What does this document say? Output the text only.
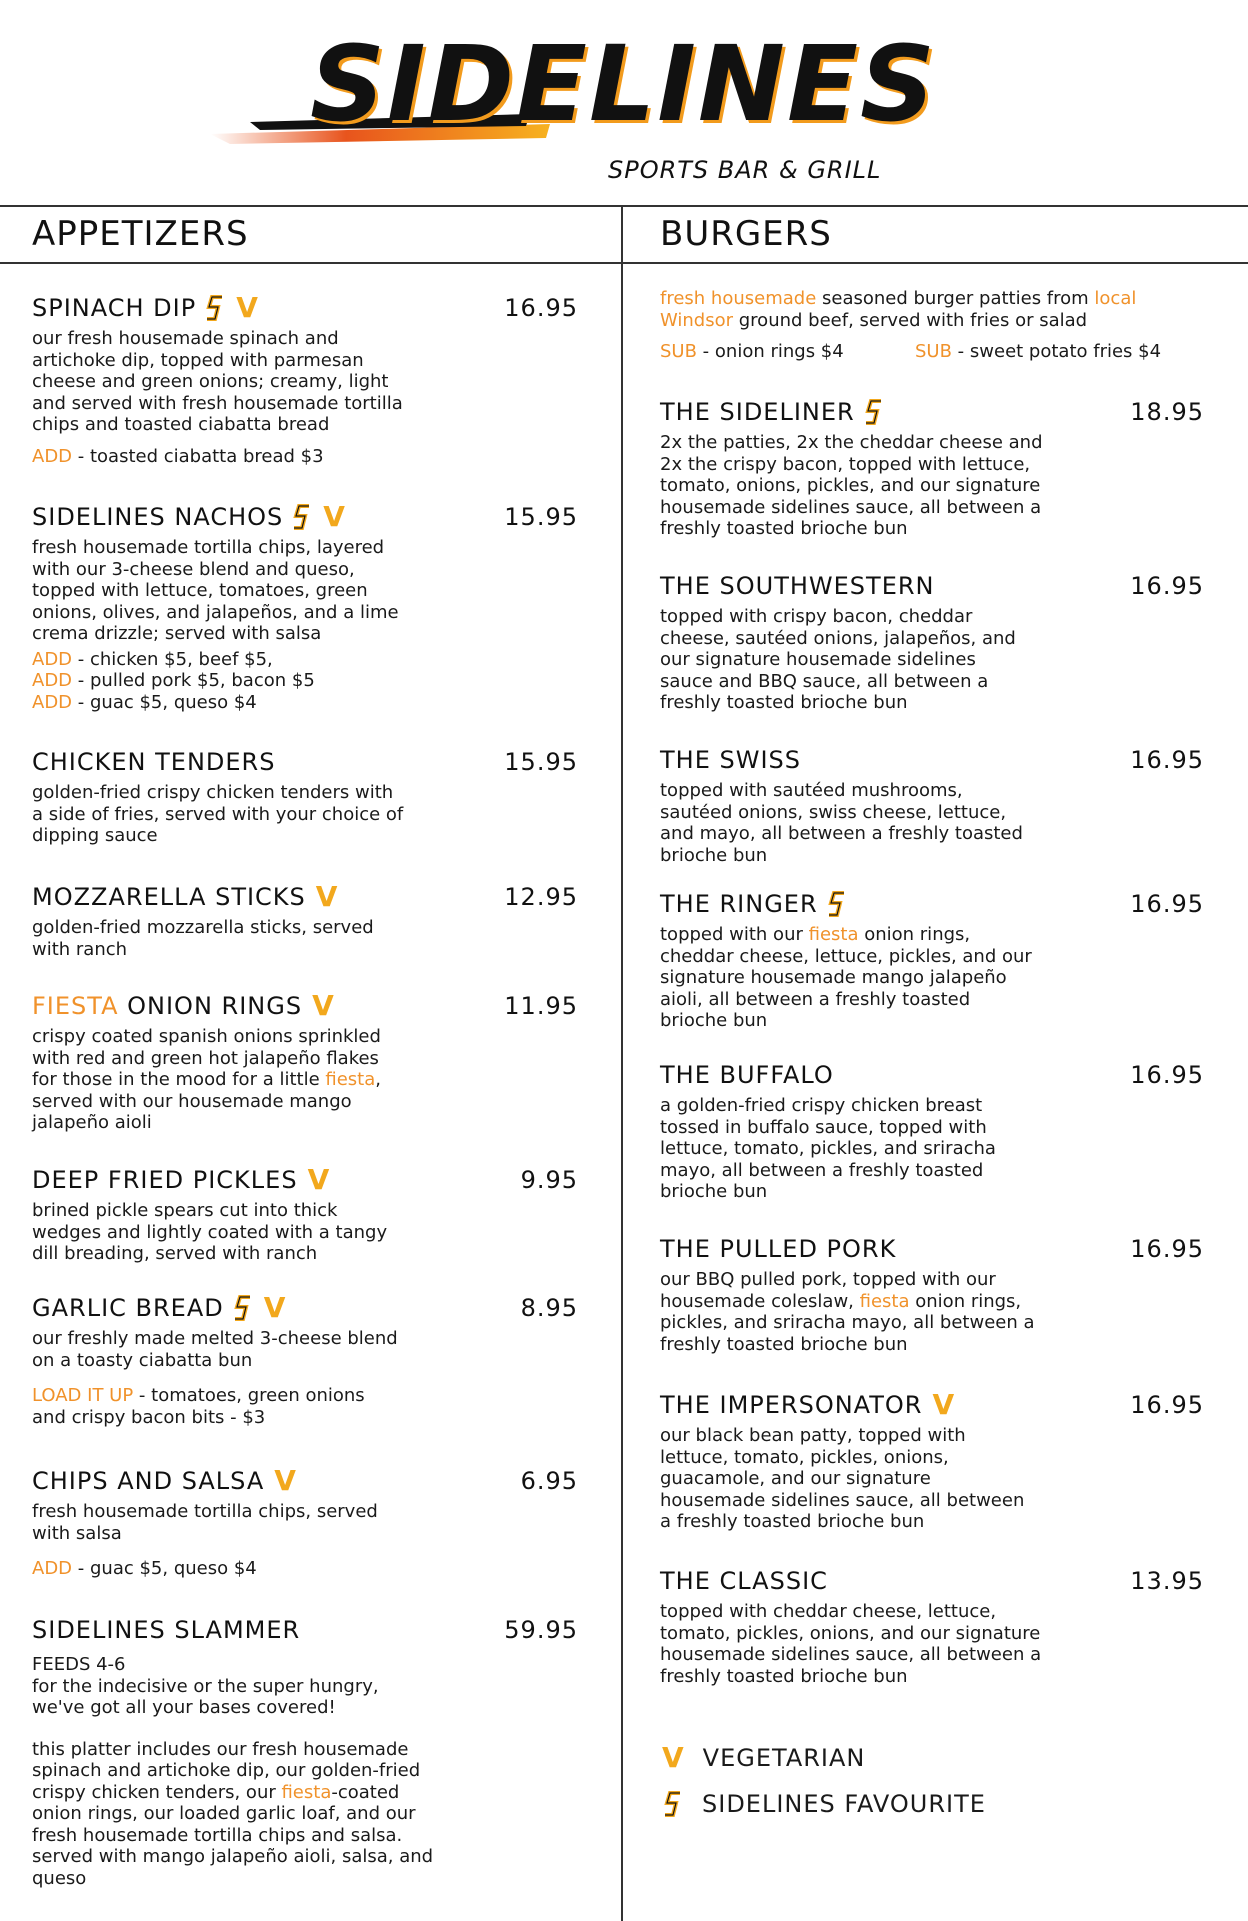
SIDELINES
SPORTS BAR & GRILL
APPETIZERS	BURGERS
SPINACH DIP V	16.95
our fresh housemade spinach and
artichoke dip, topped with parmesan
cheese and green onions; creamy, light
and served with fresh housemade tortilla
chips and toasted ciabatta bread
ADD - toasted ciabatta bread $3
SIDELINES NACHOS V	15.95
fresh housemade tortilla chips, layered
with our 3-cheese blend and queso,
topped with lettuce, tomatoes, green
onions, olives, and jalapeños, and a lime
crema drizzle; served with salsa
ADD - chicken $5, beef $5,
ADD - pulled pork $5, bacon $5
ADD - guac $5, queso $4
CHICKEN TENDERS	15.95
golden-fried crispy chicken tenders with
a side of fries, served with your choice of
dipping sauce
MOZZARELLA STICKS V	12.95
golden-fried mozzarella sticks, served
with ranch
FIESTA ONION RINGS V	11.95
crispy coated spanish onions sprinkled
with red and green hot jalapeño flakes
for those in the mood for a little fiesta,
served with our housemade mango
jalapeño aioli
DEEP FRIED PICKLES V	9.95
brined pickle spears cut into thick
wedges and lightly coated with a tangy
dill breading, served with ranch
GARLIC BREAD V	8.95
our freshly made melted 3-cheese blend
on a toasty ciabatta bun
LOAD IT UP - tomatoes, green onions
and crispy bacon bits - $3
CHIPS AND SALSA V	6.95
fresh housemade tortilla chips, served
with salsa
ADD - guac $5, queso $4
SIDELINES SLAMMER	59.95
FEEDS 4-6
for the indecisive or the super hungry,
we've got all your bases covered!
this platter includes our fresh housemade
spinach and artichoke dip, our golden-fried
crispy chicken tenders, our fiesta-coated
onion rings, our loaded garlic loaf, and our
fresh housemade tortilla chips and salsa.
served with mango jalapeño aioli, salsa, and
queso
fresh housemade seasoned burger patties from local
Windsor ground beef, served with fries or salad
SUB - onion rings $4	SUB - sweet potato fries $4
THE SIDELINER	18.95
2x the patties, 2x the cheddar cheese and
2x the crispy bacon, topped with lettuce,
tomato, onions, pickles, and our signature
housemade sidelines sauce, all between a
freshly toasted brioche bun
THE SOUTHWESTERN	16.95
topped with crispy bacon, cheddar
cheese, sautéed onions, jalapeños, and
our signature housemade sidelines
sauce and BBQ sauce, all between a
freshly toasted brioche bun
THE SWISS	16.95
topped with sautéed mushrooms,
sautéed onions, swiss cheese, lettuce,
and mayo, all between a freshly toasted
brioche bun
THE RINGER	16.95
topped with our fiesta onion rings,
cheddar cheese, lettuce, pickles, and our
signature housemade mango jalapeño
aioli, all between a freshly toasted
brioche bun
THE BUFFALO	16.95
a golden-fried crispy chicken breast
tossed in buffalo sauce, topped with
lettuce, tomato, pickles, and sriracha
mayo, all between a freshly toasted
brioche bun
THE PULLED PORK	16.95
our BBQ pulled pork, topped with our
housemade coleslaw, fiesta onion rings,
pickles, and sriracha mayo, all between a
freshly toasted brioche bun
THE IMPERSONATOR V	16.95
our black bean patty, topped with
lettuce, tomato, pickles, onions,
guacamole, and our signature
housemade sidelines sauce, all between
a freshly toasted brioche bun
THE CLASSIC	13.95
topped with cheddar cheese, lettuce,
tomato, pickles, onions, and our signature
housemade sidelines sauce, all between a
freshly toasted brioche bun
V VEGETARIAN
SIDELINES FAVOURITE
